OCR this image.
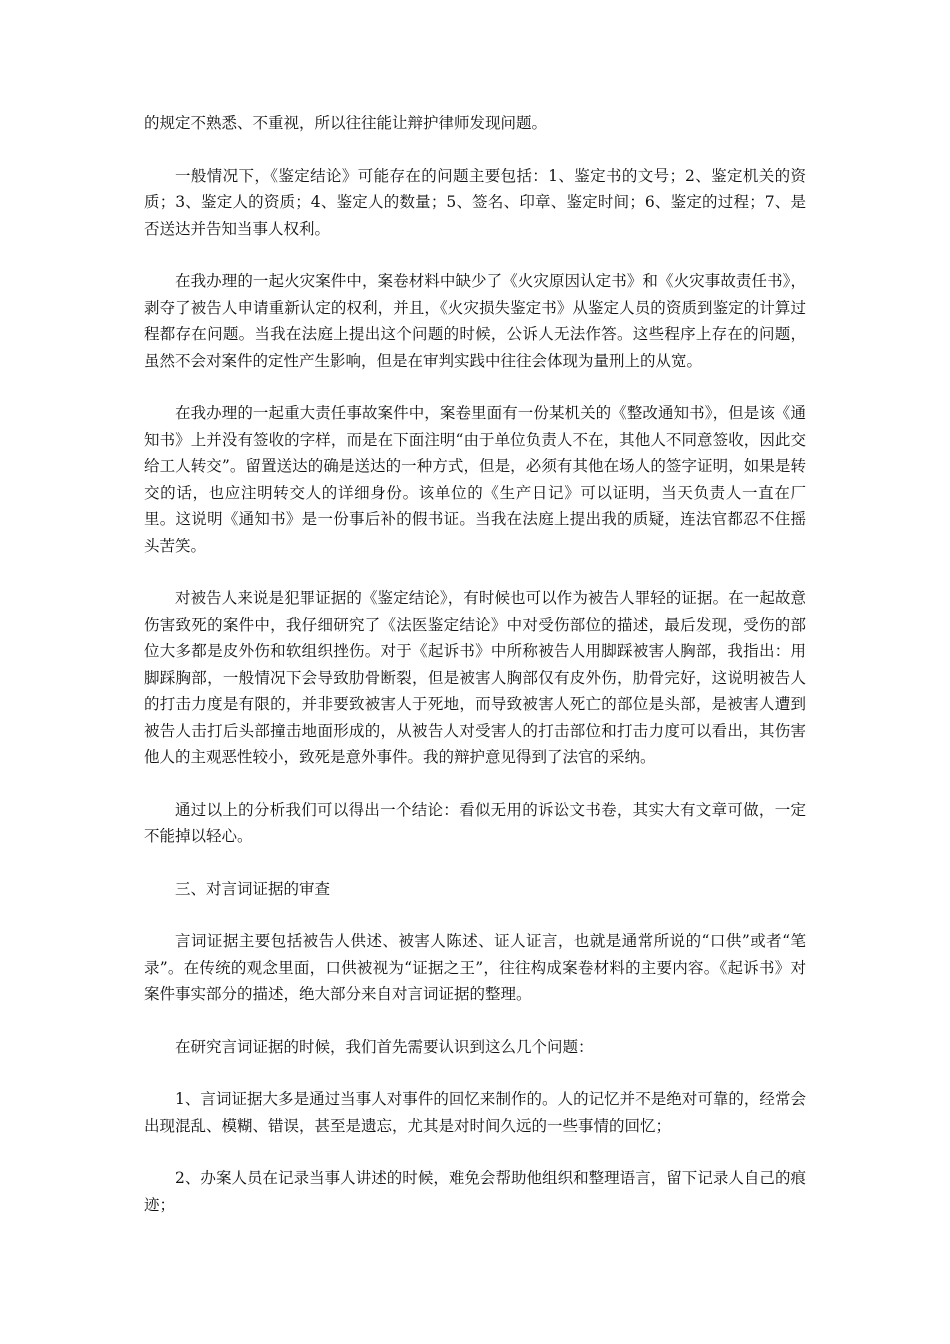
的规定不熟悉、不重视，所以往往能让辩护律师发现问题。

一般情况下，《鉴定结论》可能存在的问题主要包括：1、鉴定书的文号；2、鉴定机关的资质；3、鉴定人的资质；4、鉴定人的数量；5、签名、印章、鉴定时间；6、鉴定的过程；7、是否送达并告知当事人权利。

在我办理的一起火灾案件中，案卷材料中缺少了《火灾原因认定书》和《火灾事故责任书》，剥夺了被告人申请重新认定的权利，并且，《火灾损失鉴定书》从鉴定人员的资质到鉴定的计算过程都存在问题。当我在法庭上提出这个问题的时候，公诉人无法作答。这些程序上存在的问题，虽然不会对案件的定性产生影响，但是在审判实践中往往会体现为量刑上的从宽。

在我办理的一起重大责任事故案件中，案卷里面有一份某机关的《整改通知书》，但是该《通知书》上并没有签收的字样，而是在下面注明“由于单位负责人不在，其他人不同意签收，因此交给工人转交”。留置送达的确是送达的一种方式，但是，必须有其他在场人的签字证明，如果是转交的话，也应注明转交人的详细身份。该单位的《生产日记》可以证明，当天负责人一直在厂里。这说明《通知书》是一份事后补的假书证。当我在法庭上提出我的质疑，连法官都忍不住摇头苦笑。

对被告人来说是犯罪证据的《鉴定结论》，有时候也可以作为被告人罪轻的证据。在一起故意伤害致死的案件中，我仔细研究了《法医鉴定结论》中对受伤部位的描述，最后发现，受伤的部位大多都是皮外伤和软组织挫伤。对于《起诉书》中所称被告人用脚踩被害人胸部，我指出：用脚踩胸部，一般情况下会导致肋骨断裂，但是被害人胸部仅有皮外伤，肋骨完好，这说明被告人的打击力度是有限的，并非要致被害人于死地，而导致被害人死亡的部位是头部，是被害人遭到被告人击打后头部撞击地面形成的，从被告人对受害人的打击部位和打击力度可以看出，其伤害他人的主观恶性较小，致死是意外事件。我的辩护意见得到了法官的采纳。

通过以上的分析我们可以得出一个结论：看似无用的诉讼文书卷，其实大有文章可做，一定不能掉以轻心。

三、对言词证据的审查

言词证据主要包括被告人供述、被害人陈述、证人证言，也就是通常所说的“口供”或者“笔录”。在传统的观念里面，口供被视为“证据之王”，往往构成案卷材料的主要内容。《起诉书》对案件事实部分的描述，绝大部分来自对言词证据的整理。

在研究言词证据的时候，我们首先需要认识到这么几个问题：

1、言词证据大多是通过当事人对事件的回忆来制作的。人的记忆并不是绝对可靠的，经常会出现混乱、模糊、错误，甚至是遗忘，尤其是对时间久远的一些事情的回忆；

2、办案人员在记录当事人讲述的时候，难免会帮助他组织和整理语言，留下记录人自己的痕迹；
